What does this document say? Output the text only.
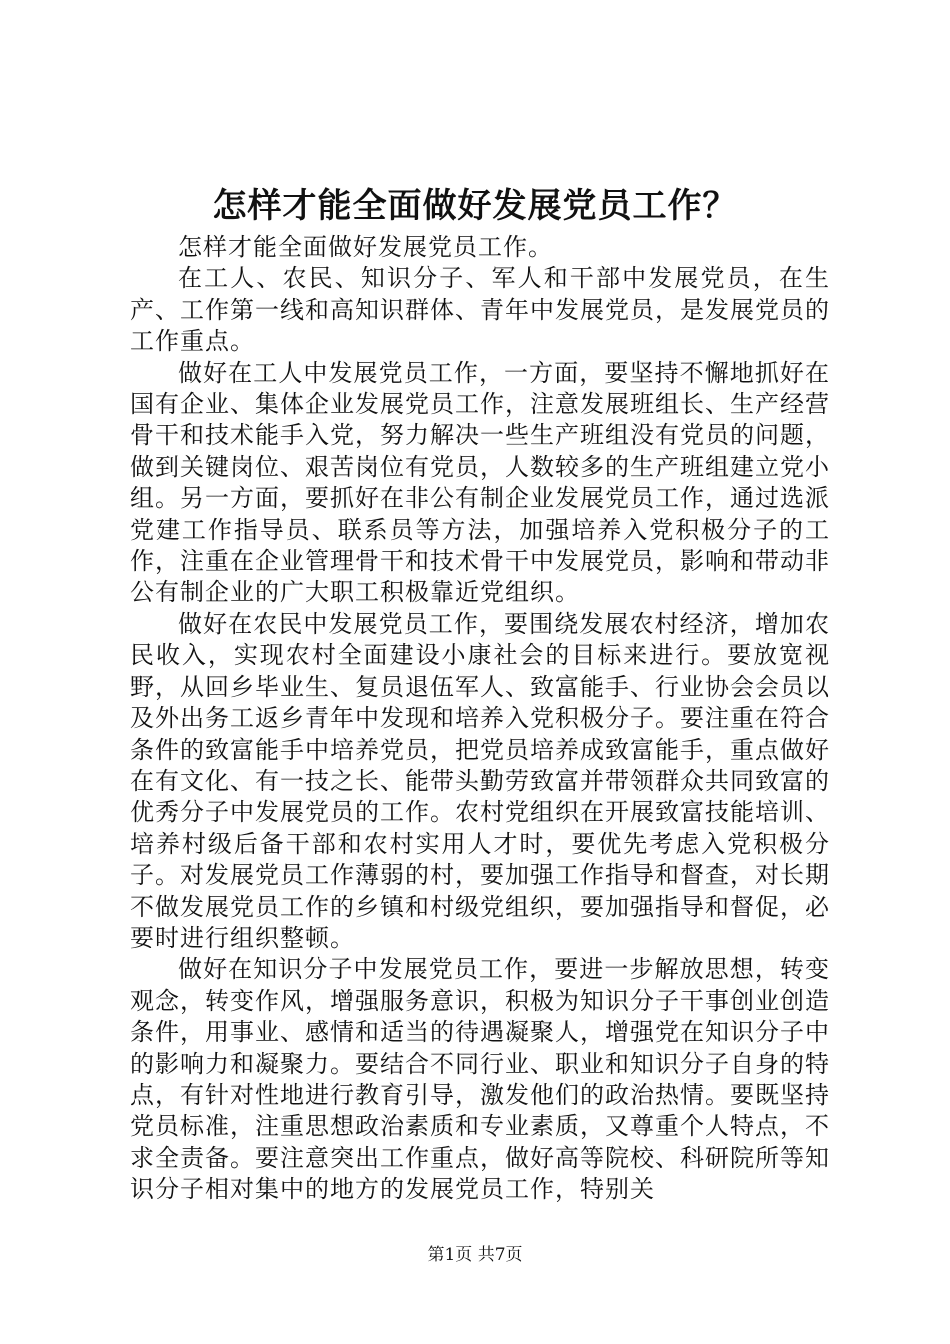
怎样才能全面做好发展党员工作？

怎样才能全面做好发展党员工作。

在工人、农民、知识分子、军人和干部中发展党员，在生产、工作第一线和高知识群体、青年中发展党员，是发展党员的工作重点。

做好在工人中发展党员工作，一方面，要坚持不懈地抓好在国有企业、集体企业发展党员工作，注意发展班组长、生产经营骨干和技术能手入党，努力解决一些生产班组没有党员的问题，做到关键岗位、艰苦岗位有党员，人数较多的生产班组建立党小组。另一方面，要抓好在非公有制企业发展党员工作，通过选派党建工作指导员、联系员等方法，加强培养入党积极分子的工作，注重在企业管理骨干和技术骨干中发展党员，影响和带动非公有制企业的广大职工积极靠近党组织。

做好在农民中发展党员工作，要围绕发展农村经济，增加农民收入，实现农村全面建设小康社会的目标来进行。要放宽视野，从回乡毕业生、复员退伍军人、致富能手、行业协会会员以及外出务工返乡青年中发现和培养入党积极分子。要注重在符合条件的致富能手中培养党员，把党员培养成致富能手，重点做好在有文化、有一技之长、能带头勤劳致富并带领群众共同致富的优秀分子中发展党员的工作。农村党组织在开展致富技能培训、培养村级后备干部和农村实用人才时，要优先考虑入党积极分子。对发展党员工作薄弱的村，要加强工作指导和督查，对长期不做发展党员工作的乡镇和村级党组织，要加强指导和督促，必要时进行组织整顿。

做好在知识分子中发展党员工作，要进一步解放思想，转变观念，转变作风，增强服务意识，积极为知识分子干事创业创造条件，用事业、感情和适当的待遇凝聚人，增强党在知识分子中的影响力和凝聚力。要结合不同行业、职业和知识分子自身的特点，有针对性地进行教育引导，激发他们的政治热情。要既坚持党员标准，注重思想政治素质和专业素质，又尊重个人特点，不求全责备。要注意突出工作重点，做好高等院校、科研院所等知识分子相对集中的地方的发展党员工作，特别关

第1页 共7页
